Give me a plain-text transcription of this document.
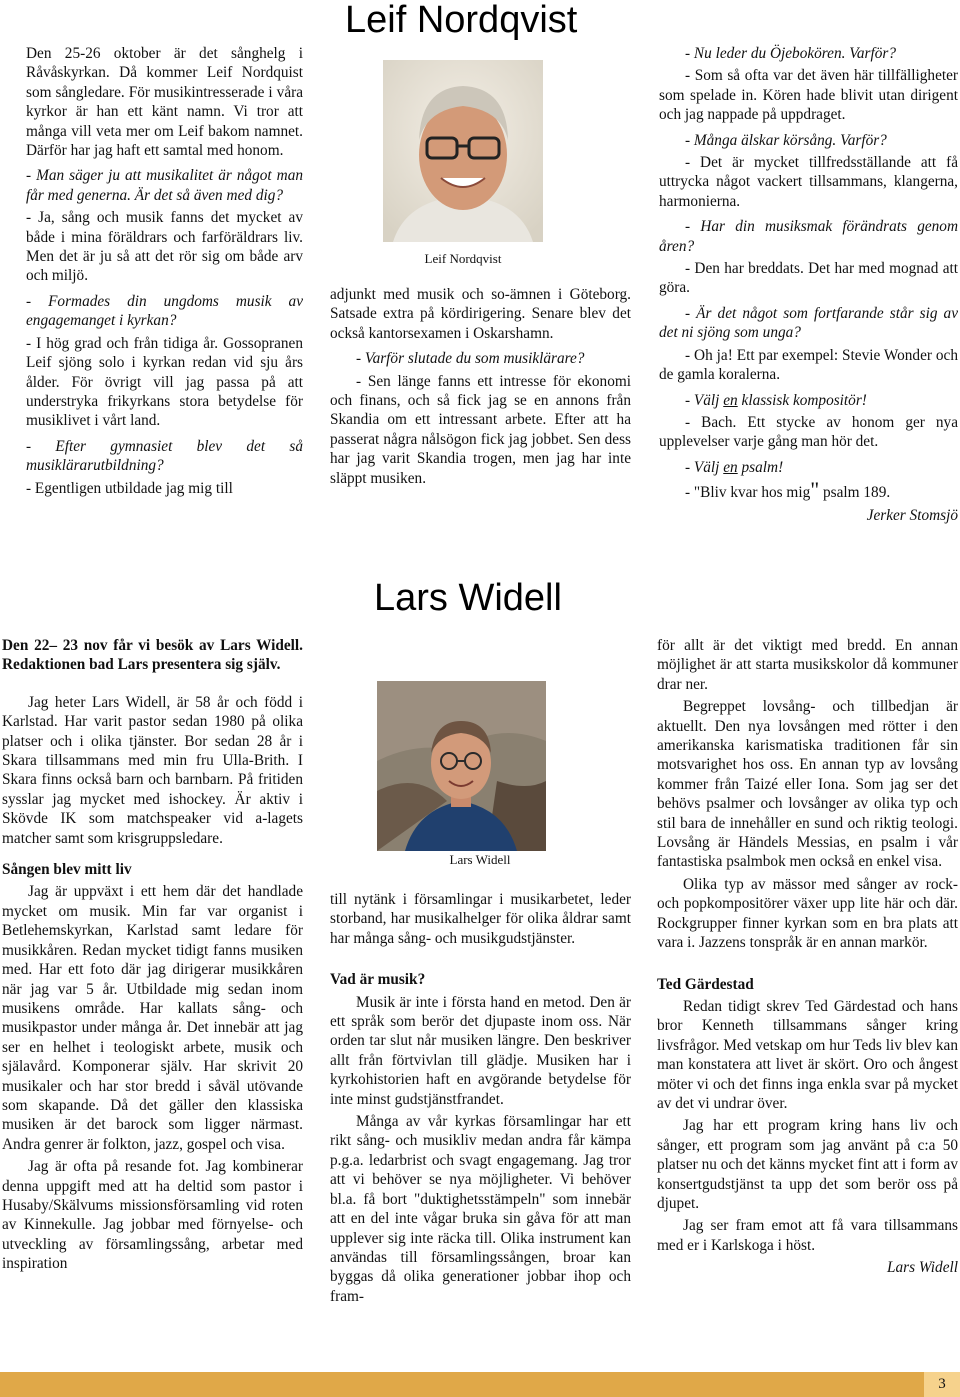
Leif Nordqvist

Den 25-26 oktober är det sånghelg i Råvåskyrkan. Då kommer Leif Nordquist som sångledare. För musikintresserade i våra kyrkor är han ett känt namn. Vi tror att många vill veta mer om Leif bakom namnet. Därför har jag haft ett samtal med honom.

- Man säger ju att musikalitet är något man får med generna. Är det så även med dig?

- Ja, sång och musik fanns det mycket av både i mina föräldrars och farföräldrars liv. Men det är ju så att det rör sig om både arv och miljö.

- Formades din ungdoms musik av engagemanget i kyrkan?

- I hög grad och från tidiga år. Gossopranen Leif sjöng solo i kyrkan redan vid sju års ålder. För övrigt vill jag passa på att understryka frikyrkans stora betydelse för musiklivet i vårt land.

- Efter gymnasiet blev det så musiklärarutbildning?

- Egentligen utbildade jag mig till

Leif Nordqvist

adjunkt med musik och so-ämnen i Göteborg. Satsade extra på kördirigering. Senare blev det också kantorsexamen i Oskarshamn.

- Varför slutade du som musiklärare?

- Sen länge fanns ett intresse för ekonomi och finans, och så fick jag se en annons från Skandia om ett intressant arbete. Efter att ha passerat några nålsögon fick jag jobbet. Sen dess har jag varit Skandia trogen, men jag har inte släppt musiken.

- Nu leder du Öjebokören. Varför?

- Som så ofta var det även här tillfälligheter som spelade in. Kören hade blivit utan dirigent och jag nappade på uppdraget.

- Många älskar körsång. Varför?

- Det är mycket tillfredsställande att få uttrycka något vackert tillsammans, klangerna, harmonierna.

- Har din musiksmak förändrats genom åren?

- Den har breddats. Det har med mognad att göra.

- Är det något som fortfarande står sig av det ni sjöng som unga?

- Oh ja! Ett par exempel: Stevie Wonder och de gamla koralerna.

- Välj en klassisk kompositör!

- Bach. Ett stycke av honom ger nya upplevelser varje gång man hör det.

- Välj en psalm!

- "Bliv kvar hos mig" psalm 189.

Jerker Stomsjö

Lars Widell

Den 22– 23 nov får vi besök av Lars Widell. Redaktionen bad Lars presentera sig själv.

Jag heter Lars Widell, är 58 år och född i Karlstad. Har varit pastor sedan 1980 på olika platser och i olika tjänster. Bor sedan 28 år i Skara tillsammans med min fru Ulla-Brith. I Skara finns också barn och barnbarn. På fritiden sysslar jag mycket med ishockey. Är aktiv i Skövde IK som matchspeaker vid a-lagets matcher samt som krisgruppsledare.

Sången blev mitt liv

Jag är uppväxt i ett hem där det handlade mycket om musik. Min far var organist i Betlehemskyrkan, Karlstad samt ledare för musikkåren. Redan mycket tidigt fanns musiken med. Har ett foto där jag dirigerar musikkåren när jag var 5 år. Utbildade mig sedan inom musikens område. Har kallats sång- och musikpastor under många år. Det innebär att jag ser en helhet i teologiskt arbete, musik och själavård. Komponerar själv. Har skrivit 20 musikaler och har stor bredd i såväl utövande som skapande. Då det gäller den klassiska musiken är det barock som ligger närmast. Andra genrer är folkton, jazz, gospel och visa.

Jag är ofta på resande fot. Jag kombinerar denna uppgift med att ha deltid som pastor i Husaby/Skälvums missionsförsamling vid roten av Kinnekulle. Jag jobbar med förnyelse- och utveckling av församlingssång, arbetar med inspiration

Lars Widell

till nytänk i församlingar i musikarbetet, leder storband, har musikalhelger för olika åldrar samt har många sång- och musikgudstjänster.

Vad är musik?

Musik är inte i första hand en metod. Den är ett språk som berör det djupaste inom oss. När orden tar slut når musiken längre. Den beskriver allt från förtvivlan till glädje. Musiken har i kyrkohistorien haft en avgörande betydelse för inte minst gudstjänstfrandet.

Många av vår kyrkas församlingar har ett rikt sång- och musikliv medan andra får kämpa p.g.a. ledarbrist och svagt engagemang. Jag tror att vi behöver se nya möjligheter. Vi behöver bl.a. få bort "duktighetsstämpeln" som innebär att en del inte vågar bruka sin gåva för att man upplever sig inte räcka till. Olika instrument kan användas till församlingssången, broar kan byggas då olika generationer jobbar ihop och fram-

för allt är det viktigt med bredd. En annan möjlighet är att starta musikskolor då kommuner drar ner.

Begreppet lovsång- och tillbedjan är aktuellt. Den nya lovsången med rötter i den amerikanska karismatiska traditionen får sin motsvarighet hos oss. En annan typ av lovsång kommer från Taizé eller Iona. Som jag ser det behövs psalmer och lovsånger av olika typ och stil bara de innehåller en sund och riktig teologi. Lovsång är Händels Messias, en psalm i vår fantastiska psalmbok men också en enkel visa.

Olika typ av mässor med sånger av rock- och popkompositörer växer upp lite här och där. Rockgrupper finner kyrkan som en bra plats att vara i. Jazzens tonspråk är en annan markör.

Ted Gärdestad

Redan tidigt skrev Ted Gärdestad och hans bror Kenneth tillsammans sånger kring livsfrågor. Med vetskap om hur Teds liv blev kan man konstatera att livet är skört. Oro och ångest möter vi och det finns inga enkla svar på mycket av det vi undrar över.

Jag har ett program kring hans liv och sånger, ett program som jag använt på c:a 50 platser nu och det känns mycket fint att i form av konsertgudstjänst ta upp det som berör oss på djupet.

Jag ser fram emot att få vara tillsammans med er i Karlskoga i höst.

Lars Widell

3
